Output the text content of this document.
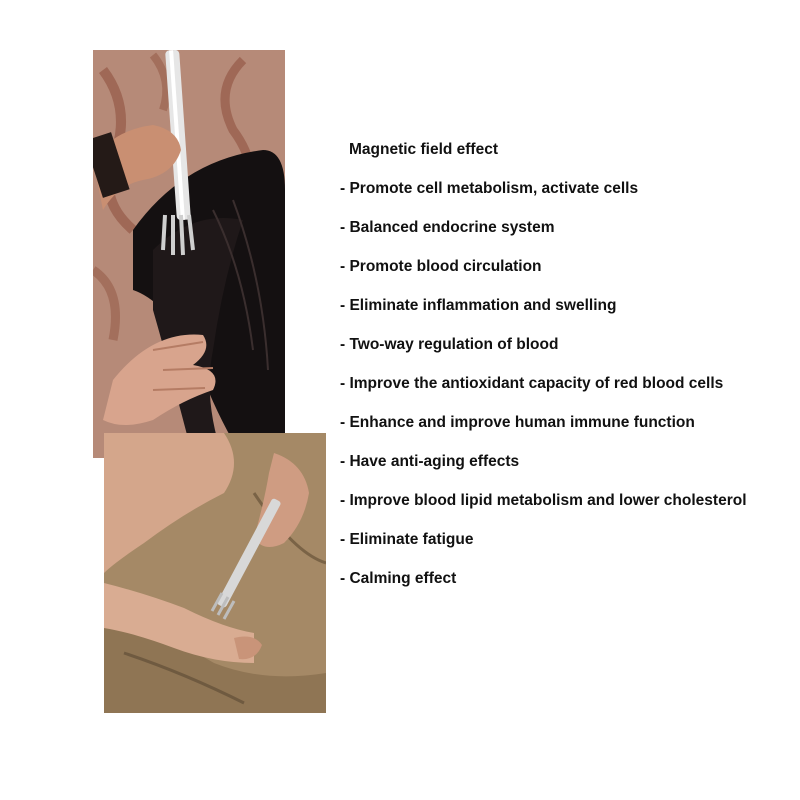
Magnetic field effect
- Promote cell metabolism, activate cells
- Balanced endocrine system
- Promote blood circulation
- Eliminate inflammation and swelling
- Two-way regulation of blood
- Improve the antioxidant capacity of red blood cells
- Enhance and improve human immune function
- Have anti-aging effects
- Improve blood lipid metabolism and lower cholesterol
- Eliminate fatigue
- Calming effect
